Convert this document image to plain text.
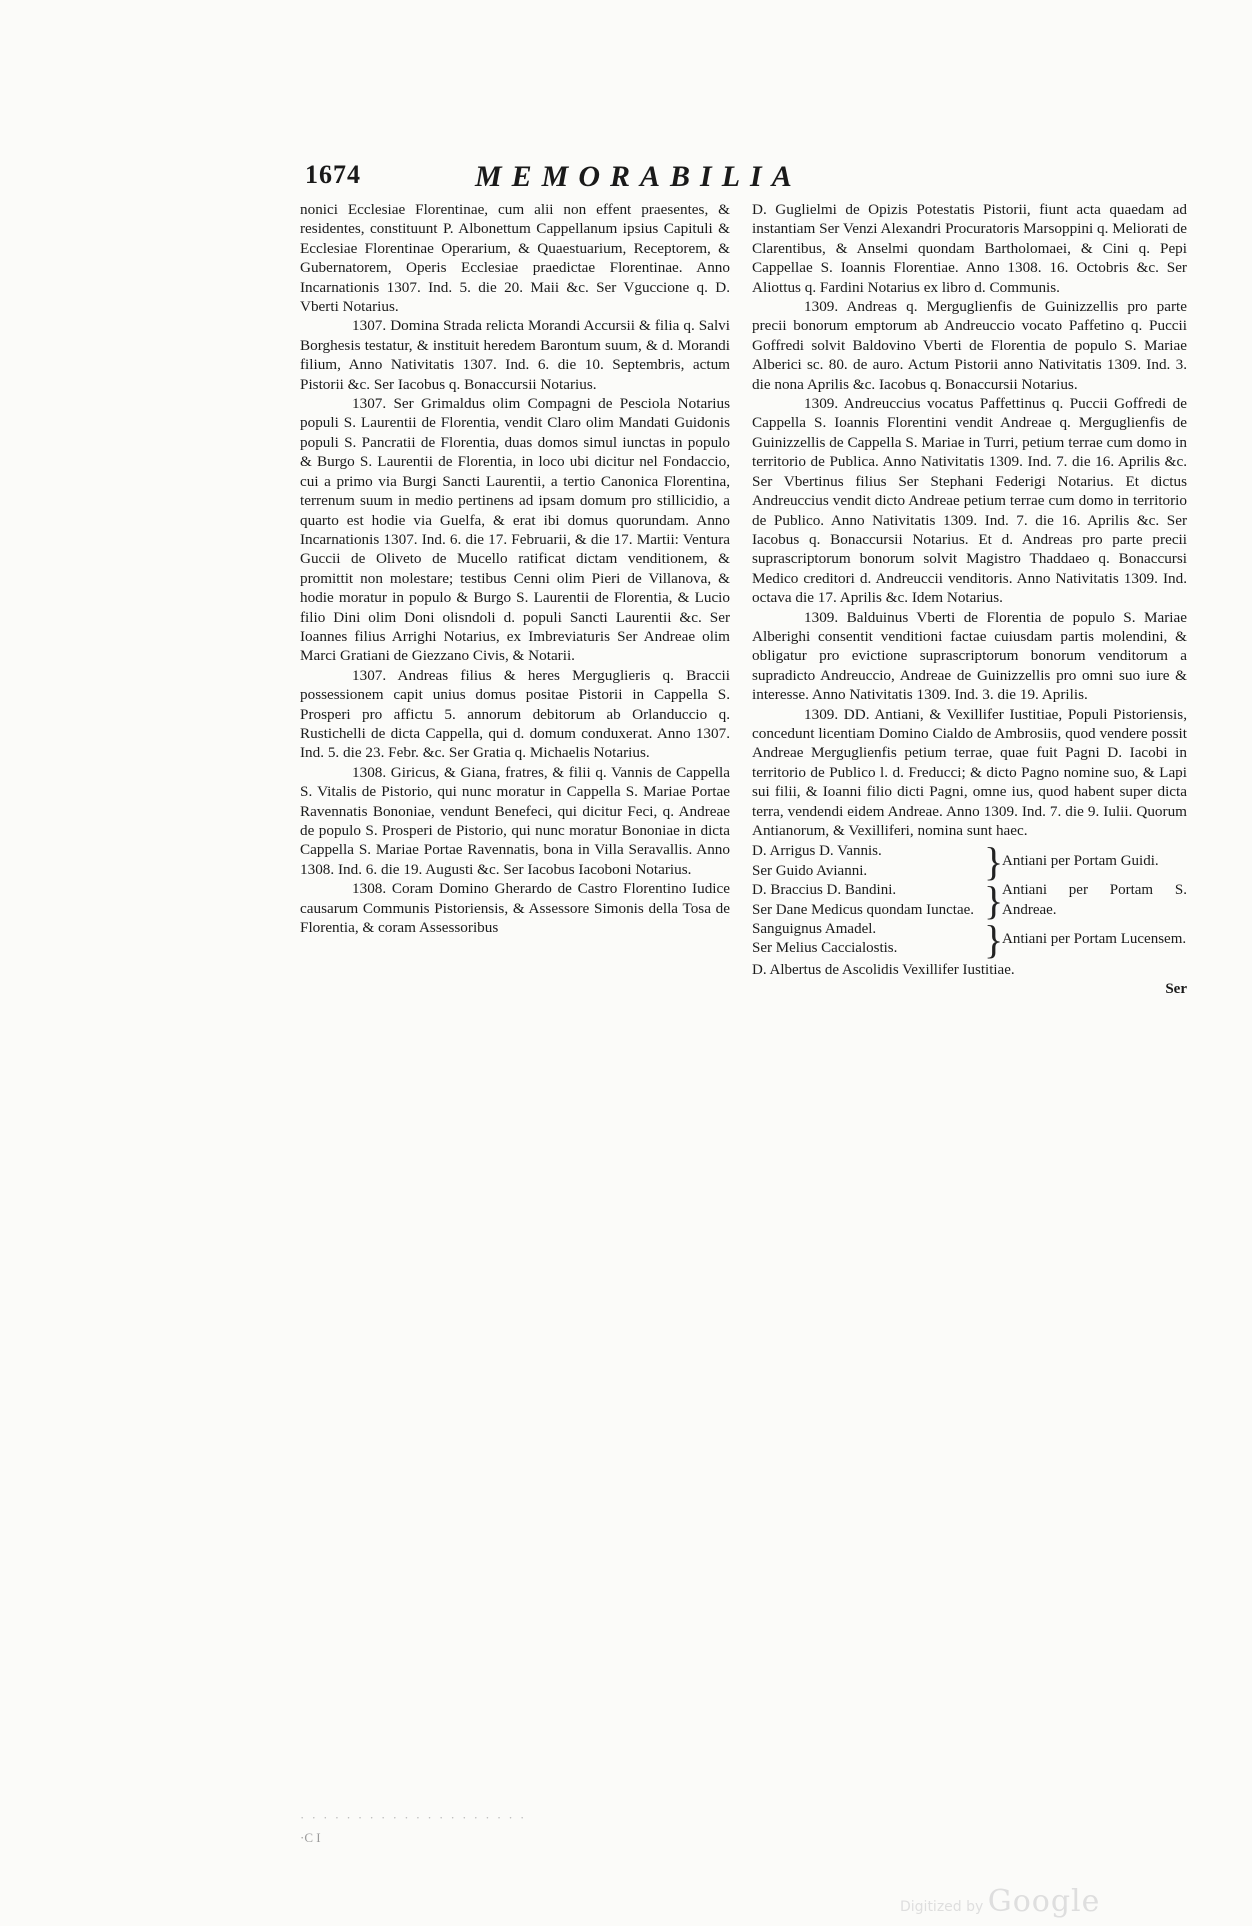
1674	MEMORABILIA

nonici Ecclesiae Florentinae, cum alii non effent praesentes, & residentes, constituunt P. Albonettum Cappellanum ipsius Capituli & Ecclesiae Florentinae Operarium, & Quaestuarium, Receptorem, & Gubernatorem, Operis Ecclesiae praedictae Florentinae. Anno Incarnationis 1307. Ind. 5. die 20. Maii &c. Ser Vguccione q. D. Vberti Notarius.

1307. Domina Strada relicta Morandi Accursii & filia q. Salvi Borghesis testatur, & instituit heredem Barontum suum, & d. Morandi filium, Anno Nativitatis 1307. Ind. 6. die 10. Septembris, actum Pistorii &c. Ser Iacobus q. Bonaccursii Notarius.

1307. Ser Grimaldus olim Compagni de Pesciola Notarius populi S. Laurentii de Florentia, vendit Claro olim Mandati Guidonis populi S. Pancratii de Florentia, duas domos simul iunctas in populo & Burgo S. Laurentii de Florentia, in loco ubi dicitur nel Fondaccio, cui a primo via Burgi Sancti Laurentii, a tertio Canonica Florentina, terrenum suum in medio pertinens ad ipsam domum pro stillicidio, a quarto est hodie via Guelfa, & erat ibi domus quorundam. Anno Incarnationis 1307. Ind. 6. die 17. Februarii, & die 17. Martii: Ventura Guccii de Oliveto de Mucello ratificat dictam venditionem, & promittit non molestare; testibus Cenni olim Pieri de Villanova, & hodie moratur in populo & Burgo S. Laurentii de Florentia, & Lucio filio Dini olim Doni olisndoli d. populi Sancti Laurentii &c. Ser Ioannes filius Arrighi Notarius, ex Imbreviaturis Ser Andreae olim Marci Gratiani de Giezzano Civis, & Notarii.

1307. Andreas filius & heres Merguglieris q. Braccii possessionem capit unius domus positae Pistorii in Cappella S. Prosperi pro affictu 5. annorum debitorum ab Orlanduccio q. Rustichelli de dicta Cappella, qui d. domum conduxerat. Anno 1307. Ind. 5. die 23. Febr. &c. Ser Gratia q. Michaelis Notarius.

1308. Giricus, & Giana, fratres, & filii q. Vannis de Cappella S. Vitalis de Pistorio, qui nunc moratur in Cappella S. Mariae Portae Ravennatis Bononiae, vendunt Benefeci, qui dicitur Feci, q. Andreae de populo S. Prosperi de Pistorio, qui nunc moratur Bononiae in dicta Cappella S. Mariae Portae Ravennatis, bona in Villa Seravallis. Anno 1308. Ind. 6. die 19. Augusti &c. Ser Iacobus Iacoboni Notarius.

1308. Coram Domino Gherardo de Castro Florentino Iudice causarum Communis Pistoriensis, & Assessore Simonis della Tosa de Florentia, & coram Assessoribus

D. Guglielmi de Opizis Potestatis Pistorii, fiunt acta quaedam ad instantiam Ser Venzi Alexandri Procuratoris Marsoppini q. Meliorati de Clarentibus, & Anselmi quondam Bartholomaei, & Cini q. Pepi Cappellae S. Ioannis Florentiae. Anno 1308. 16. Octobris &c. Ser Aliottus q. Fardini Notarius ex libro d. Communis.

1309. Andreas q. Merguglienfis de Guinizzellis pro parte precii bonorum emptorum ab Andreuccio vocato Paffetino q. Puccii Goffredi solvit Baldovino Vberti de Florentia de populo S. Mariae Alberici sc. 80. de auro. Actum Pistorii anno Nativitatis 1309. Ind. 3. die nona Aprilis &c. Iacobus q. Bonaccursii Notarius.

1309. Andreuccius vocatus Paffettinus q. Puccii Goffredi de Cappella S. Ioannis Florentini vendit Andreae q. Merguglienfis de Guinizzellis de Cappella S. Mariae in Turri, petium terrae cum domo in territorio de Publica. Anno Nativitatis 1309. Ind. 7. die 16. Aprilis &c. Ser Vbertinus filius Ser Stephani Federigi Notarius. Et dictus Andreuccius vendit dicto Andreae petium terrae cum domo in territorio de Publico. Anno Nativitatis 1309. Ind. 7. die 16. Aprilis &c. Ser Iacobus q. Bonaccursii Notarius. Et d. Andreas pro parte precii suprascriptorum bonorum solvit Magistro Thaddaeo q. Bonaccursi Medico creditori d. Andreuccii venditoris. Anno Nativitatis 1309. Ind. octava die 17. Aprilis &c. Idem Notarius.

1309. Balduinus Vberti de Florentia de populo S. Mariae Alberighi consentit venditioni factae cuiusdam partis molendini, & obligatur pro evictione suprascriptorum bonorum venditorum a supradicto Andreuccio, Andreae de Guinizzellis pro omni suo iure & interesse. Anno Nativitatis 1309. Ind. 3. die 19. Aprilis.

1309. DD. Antiani, & Vexillifer Iustitiae, Populi Pistoriensis, concedunt licentiam Domino Cialdo de Ambrosiis, quod vendere possit Andreae Merguglienfis petium terrae, quae fuit Pagni D. Iacobi in territorio de Publico l. d. Freducci; & dicto Pagno nomine suo, & Lapi sui filii, & Ioanni filio dicti Pagni, omne ius, quod habent super dicta terra, vendendi eidem Andreae. Anno 1309. Ind. 7. die 9. Iulii. Quorum Antianorum, & Vexilliferi, nomina sunt haec.

D. Arrigus D. Vannis.
Ser Guido Avianni.	}
Antiani per Portam Guidi.
D. Braccius D. Bandini.
Ser Dane Medicus quondam Iunctae. }
Antiani per Portam S. Andreae.
Sanguignus Amadel.
Ser Melius Caccialostis.	}
Antiani per Portam Lucensem.
D. Albertus de Ascolidis Vexillifer Iustitiae.
Ser
· · · · · · · · · · · · · · · · · · · ·
·C I
Digitized by Google
